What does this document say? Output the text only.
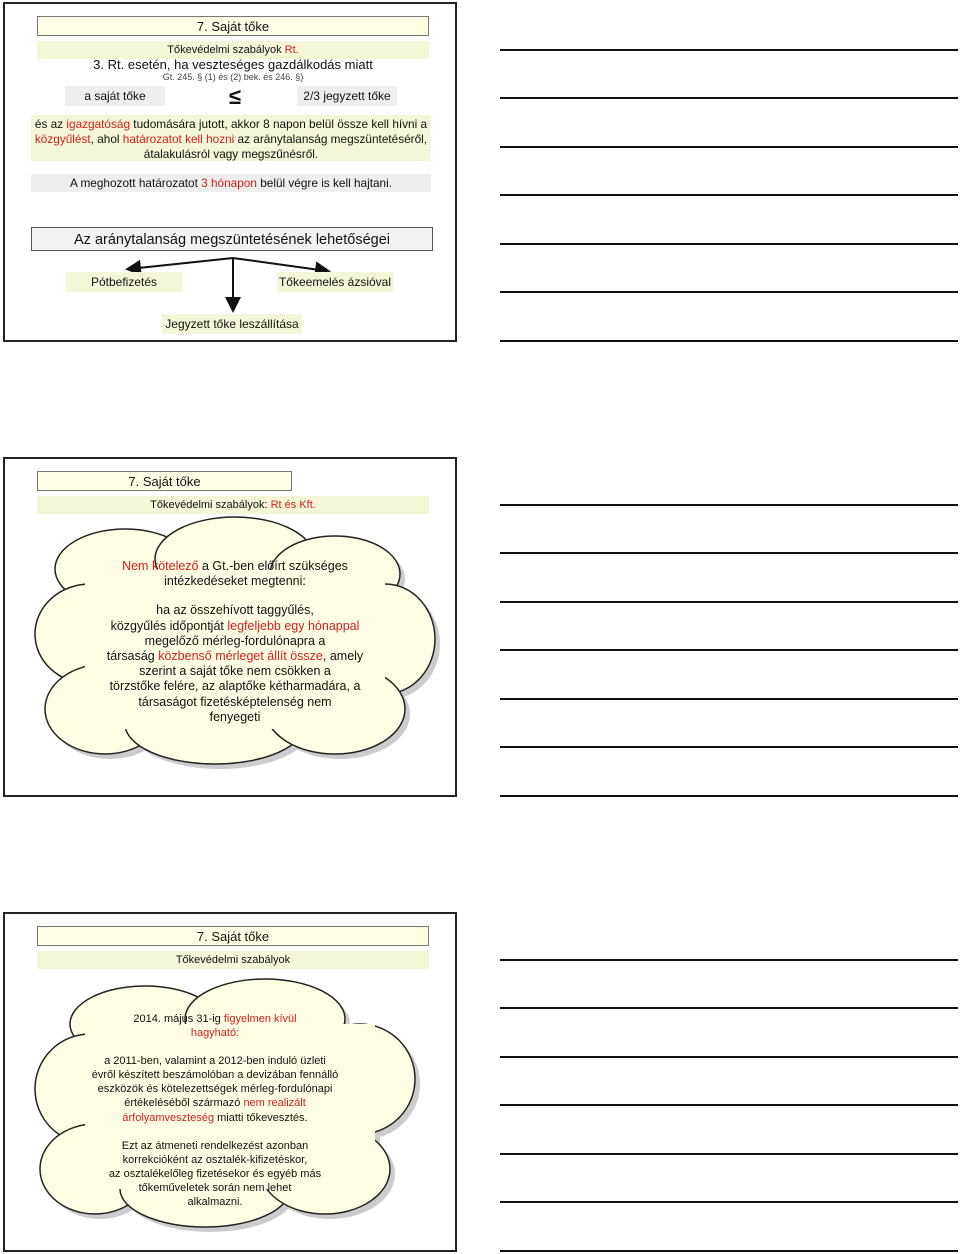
7. Saját tőke
Tőkevédelmi szabályok Rt.
3. Rt. esetén, ha veszteséges gazdálkodás miatt
Gt. 245. § (1) és (2) bek. és 246. §)
a saját tőke	≤	2/3 jegyzett tőke
és az igazgatóság tudomására jutott, akkor 8 napon belül össze kell hívni a
közgyűlést, ahol határozatot kell hozni az aránytalanság megszüntetéséről,
átalakulásról vagy megszűnésről.
A meghozott határozatot 3 hónapon belül végre is kell hajtani.
Az aránytalanság megszüntetésének lehetőségei
Pótbefizetés	Tőkeemelés ázsióval
Jegyzett tőke leszállítása
7. Saját tőke
Tőkevédelmi szabályok: Rt és Kft.
Nem kötelező a Gt.-ben előírt szükséges
intézkedéseket megtenni:
ha az összehívott taggyűlés,
közgyűlés időpontját legfeljebb egy hónappal
megelőző mérleg-fordulónapra a
társaság közbenső mérleget állít össze, amely
szerint a saját tőke nem csökken a
törzstőke felére, az alaptőke kétharmadára, a
társaságot fizetésképtelenség nem
fenyegeti
7. Saját tőke
Tőkevédelmi szabályok
2014. május 31-ig figyelmen kívül
hagyható:
a 2011-ben, valamint a 2012-ben induló üzleti
évről készített beszámolóban a devizában fennálló
eszközök és kötelezettségek mérleg-fordulónapi
értékeléséből származó nem realizált
árfolyamveszteség miatti tőkevesztés.
Ezt az átmeneti rendelkezést azonban
korrekcióként az osztalék-kifizetéskor,
az osztalékelőleg fizetésekor és egyéb más
tőkeműveletek során nem lehet
alkalmazni.
